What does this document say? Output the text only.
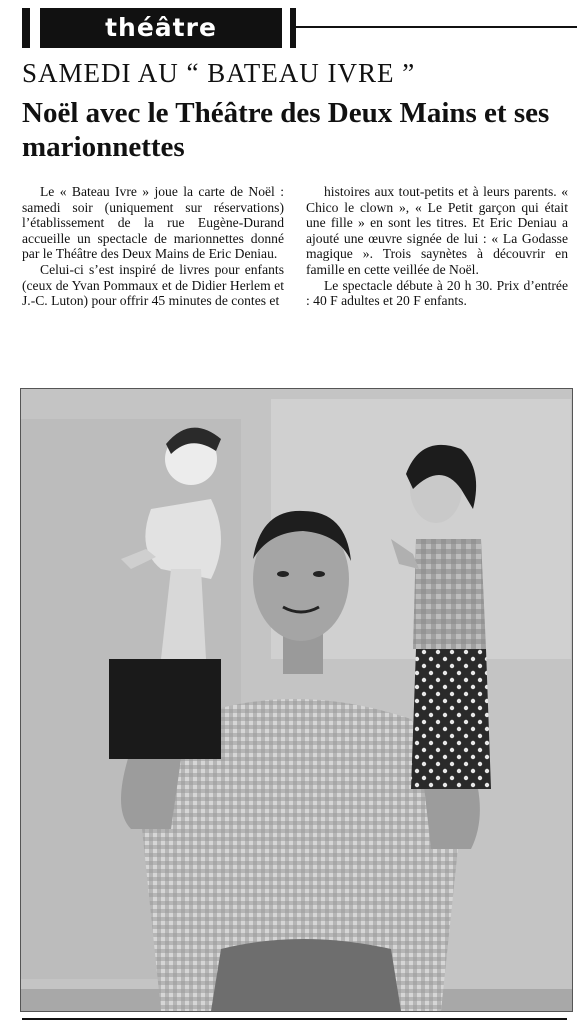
théâtre
SAMEDI AU “ BATEAU IVRE ”
Noël avec le Théâtre des Deux Mains et ses marionnettes

Le « Bateau Ivre » joue la carte de Noël : samedi soir (uniquement sur réservations) l’établissement de la rue Eugène-Durand accueille un spectacle de marionnettes donné par le Théâtre des Deux Mains de Eric Deniau.

Celui-ci s’est inspiré de livres pour enfants (ceux de Yvan Pommaux et de Didier Herlem et J.-C. Luton) pour offrir 45 minutes de contes et

histoires aux tout-petits et à leurs parents. « Chico le clown », « Le Petit garçon qui était une fille » en sont les titres. Et Eric Deniau a ajouté une œuvre signée de lui : « La Godasse magique ». Trois saynètes à découvrir en famille en cette veillée de Noël.

Le spectacle débute à 20 h 30. Prix d’entrée : 40 F adultes et 20 F enfants.
